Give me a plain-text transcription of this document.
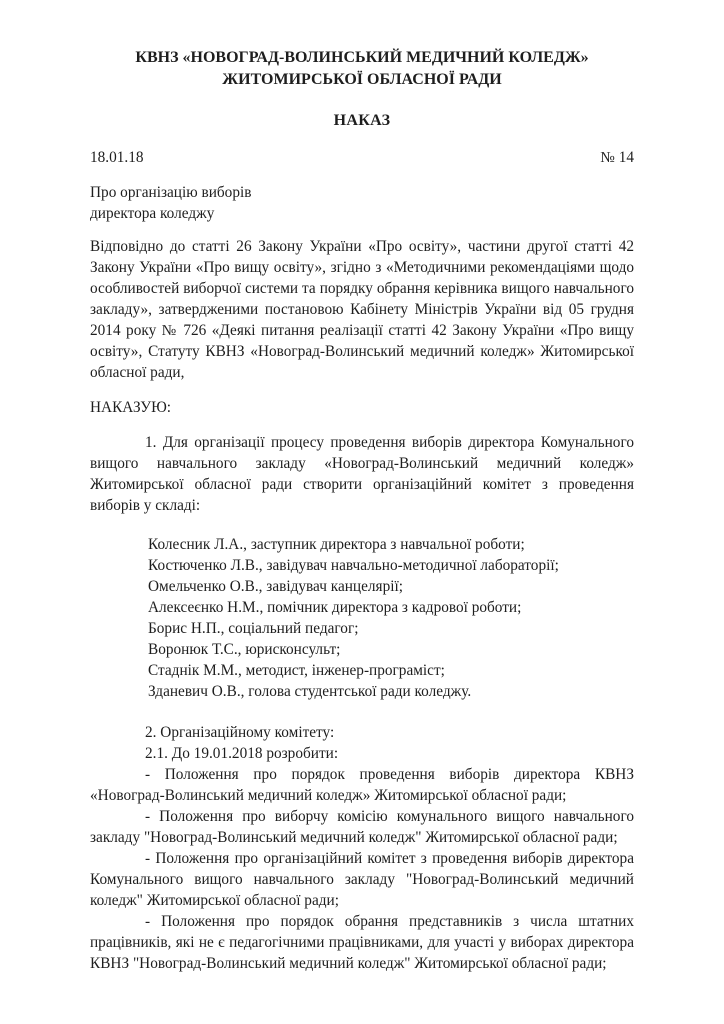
КВНЗ «НОВОГРАД-ВОЛИНСЬКИЙ МЕДИЧНИЙ КОЛЕДЖ»
ЖИТОМИРСЬКОЇ ОБЛАСНОЇ РАДИ
НАКАЗ
18.01.18	№ 14
Про організацію виборів
директора коледжу

Відповідно до статті 26 Закону України «Про освіту», частини другої статті 42 Закону України «Про вищу освіту», згідно з «Методичними рекомендаціями щодо особливостей виборчої системи та порядку обрання керівника вищого навчального закладу», затвердженими постановою Кабінету Міністрів України від 05 грудня 2014 року № 726 «Деякі питання реалізації статті 42 Закону України «Про вищу освіту», Статуту КВНЗ «Новоград-Волинський медичний коледж» Житомирської обласної ради,

НАКАЗУЮ:

1. Для організації процесу проведення виборів директора Комунального вищого навчального закладу «Новоград-Волинський медичний коледж» Житомирської обласної ради створити організаційний комітет з проведення виборів у складі:

Колесник Л.А., заступник директора з навчальної роботи;
Костюченко Л.В., завідувач навчально-методичної лабораторії;
Омельченко О.В., завідувач канцелярії;
Алексеєнко Н.М., помічник директора з кадрової роботи;
Борис Н.П., соціальний педагог;
Воронюк Т.С., юрисконсульт;
Стаднік М.М., методист, інженер-програміст;
Зданевич О.В., голова студентської ради коледжу.

2. Організаційному комітету:

2.1. До 19.01.2018 розробити:

- Положення про порядок проведення виборів директора КВНЗ «Новоград-Волинський медичний коледж» Житомирської обласної ради;

- Положення про виборчу комісію комунального вищого навчального закладу "Новоград-Волинський медичний коледж" Житомирської обласної ради;

- Положення про організаційний комітет з проведення виборів директора Комунального вищого навчального закладу "Новоград-Волинський медичний коледж" Житомирської обласної ради;

- Положення про порядок обрання представників з числа штатних працівників, які не є педагогічними працівниками, для участі у виборах директора КВНЗ "Новоград-Волинський медичний коледж" Житомирської обласної ради;
